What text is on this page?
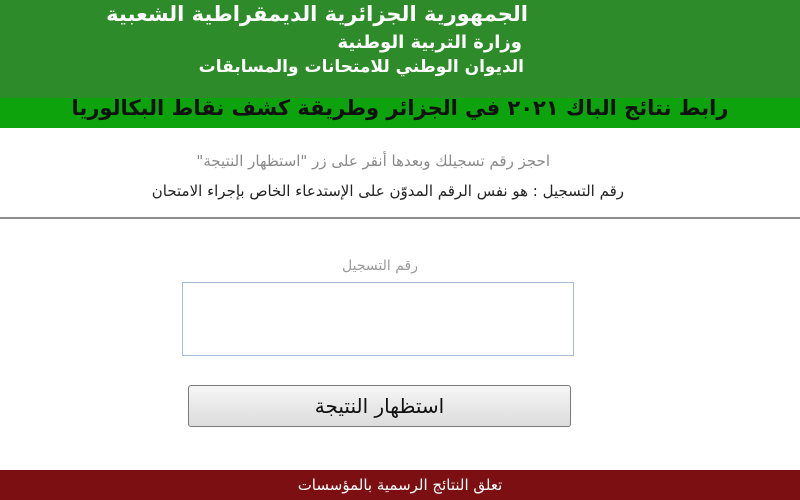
الجمهورية الجزائرية الديمقراطية الشعبية
وزارة التربية الوطنية
الديوان الوطني للامتحانات والمسابقات
رابط نتائج الباك ٢٠٢١ في الجزائر وطريقة كشف نقاط البكالوريا
احجز رقم تسجيلك وبعدها أنقر على زر "استظهار النتيجة"
رقم التسجيل : هو نفس الرقم المدوّن على الإستدعاء الخاص بإجراء الامتحان
رقم التسجيل
استظهار النتيجة
تعلق النتائج الرسمية بالمؤسسات
